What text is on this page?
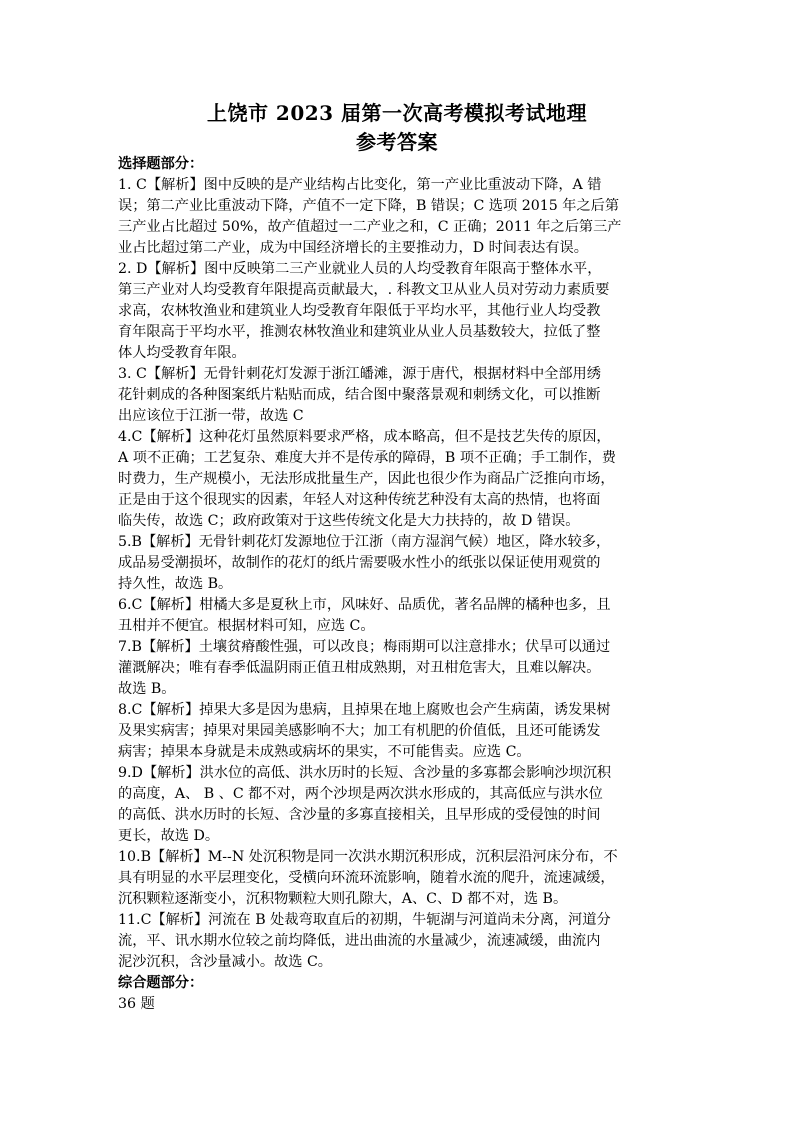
上饶市 2023 届第一次高考模拟考试地理
参考答案
选择题部分：
1. C【解析】图中反映的是产业结构占比变化，第一产业比重波动下降，A 错
误；第二产业比重波动下降，产值不一定下降，B 错误；C 选项 2015 年之后第
三产业占比超过 50%，故产值超过一二产业之和，C 正确；2011 年之后第三产
业占比超过第二产业，成为中国经济增长的主要推动力，D 时间表达有误。
2. D【解析】图中反映第二三产业就业人员的人均受教育年限高于整体水平，
第三产业对人均受教育年限提高贡献最大，. 科教文卫从业人员对劳动力素质要
求高，农林牧渔业和建筑业人均受教育年限低于平均水平，其他行业人均受教
育年限高于平均水平，推测农林牧渔业和建筑业从业人员基数较大，拉低了整
体人均受教育年限。
3. C【解析】无骨针刺花灯发源于浙江皤滩，源于唐代，根据材料中全部用绣
花针刺成的各种图案纸片粘贴而成，结合图中聚落景观和刺绣文化，可以推断
出应该位于江浙一带，故选 C
4.C【解析】这种花灯虽然原料要求严格，成本略高，但不是技艺失传的原因，
A 项不正确；工艺复杂、难度大并不是传承的障碍，B 项不正确；手工制作，费
时费力，生产规模小，无法形成批量生产，因此也很少作为商品广泛推向市场，
正是由于这个很现实的因素，年轻人对这种传统艺种没有太高的热情，也将面
临失传，故选 C；政府政策对于这些传统文化是大力扶持的，故 D 错误。
5.B【解析】无骨针刺花灯发源地位于江浙（南方湿润气候）地区，降水较多，
成品易受潮损坏，故制作的花灯的纸片需要吸水性小的纸张以保证使用观赏的
持久性，故选 B。
6.C【解析】柑橘大多是夏秋上市，风味好、品质优，著名品牌的橘种也多，且
丑柑并不便宜。根据材料可知，应选 C。
7.B【解析】土壤贫瘠酸性强，可以改良；梅雨期可以注意排水；伏旱可以通过
灌溉解决；唯有春季低温阴雨正值丑柑成熟期，对丑柑危害大，且难以解决。
故选 B。
8.C【解析】掉果大多是因为患病，且掉果在地上腐败也会产生病菌，诱发果树
及果实病害；掉果对果园美感影响不大；加工有机肥的价值低，且还可能诱发
病害；掉果本身就是未成熟或病坏的果实，不可能售卖。应选 C。
9.D【解析】洪水位的高低、洪水历时的长短、含沙量的多寡都会影响沙坝沉积
的高度，A、 B 、C 都不对，两个沙坝是两次洪水形成的，其高低应与洪水位
的高低、洪水历时的长短、含沙量的多寡直接相关，且早形成的受侵蚀的时间
更长，故选 D。
10.B【解析】M--N 处沉积物是同一次洪水期沉积形成，沉积层沿河床分布，不
具有明显的水平层理变化，受横向环流环流影响，随着水流的爬升，流速减缓，
沉积颗粒逐渐变小，沉积物颗粒大则孔隙大，A、C、D 都不对，选 B。
11.C【解析】河流在 B 处裁弯取直后的初期，牛轭湖与河道尚未分离，河道分
流，平、讯水期水位较之前均降低，进出曲流的水量减少，流速减缓，曲流内
泥沙沉积，含沙量减小。故选 C。
综合题部分：
36 题
